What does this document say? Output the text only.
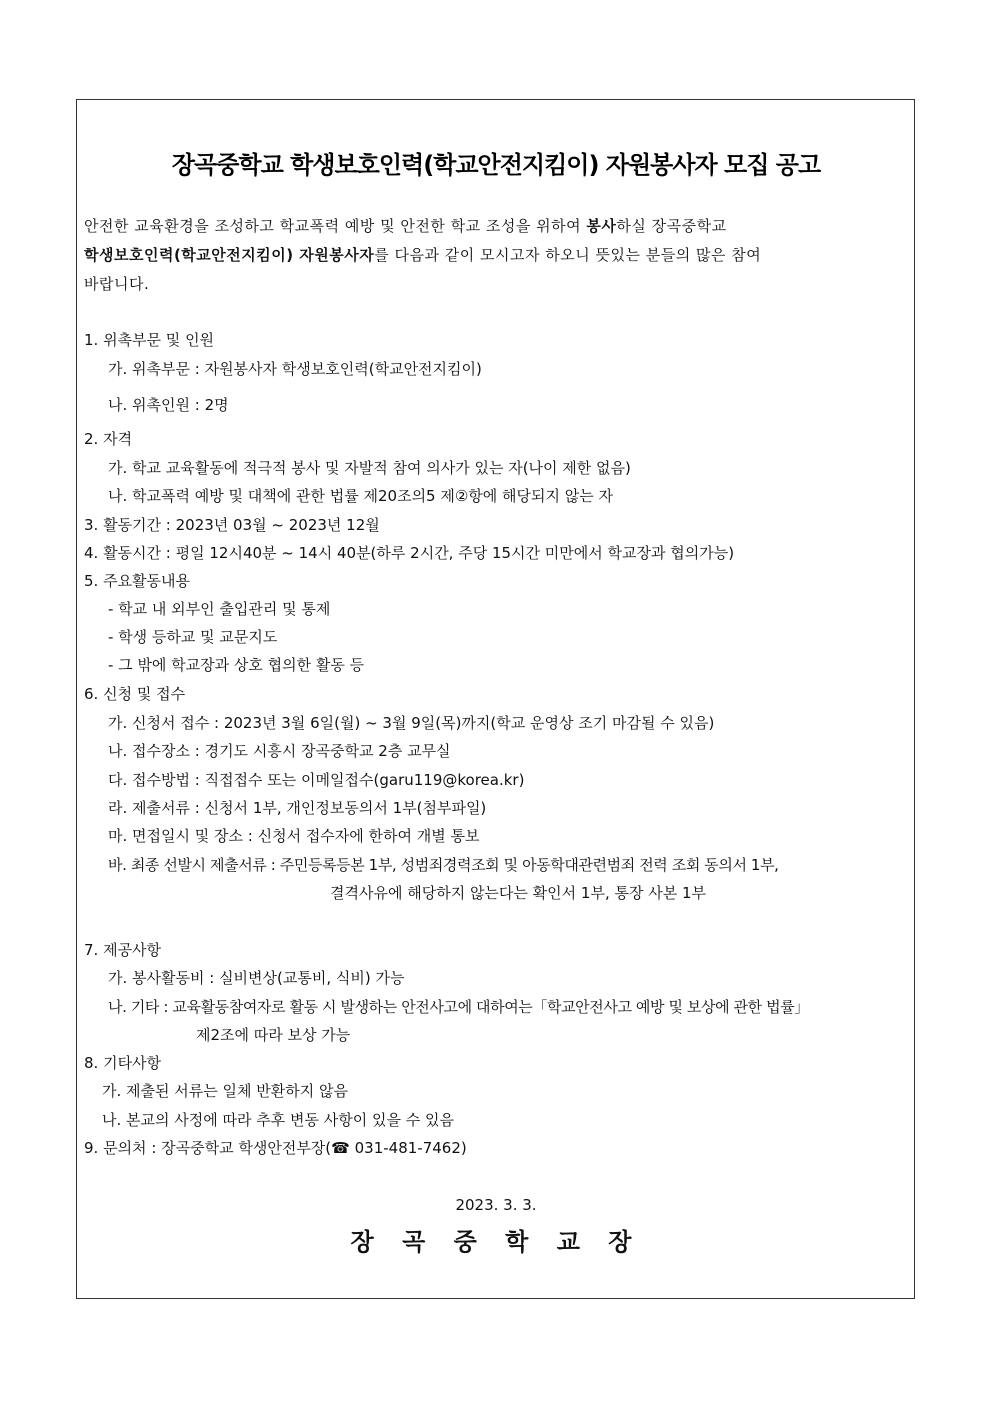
장곡중학교 학생보호인력(학교안전지킴이) 자원봉사자 모집 공고
안전한 교육환경을 조성하고 학교폭력 예방 및 안전한 학교 조성을 위하여 봉사하실 장곡중학교
학생보호인력(학교안전지킴이) 자원봉사자를 다음과 같이 모시고자 하오니 뜻있는 분들의 많은 참여
바랍니다.
1. 위촉부문 및 인원
가. 위촉부문 : 자원봉사자 학생보호인력(학교안전지킴이)
나. 위촉인원 : 2명
2. 자격
가. 학교 교육활동에 적극적 봉사 및 자발적 참여 의사가 있는 자(나이 제한 없음)
나. 학교폭력 예방 및 대책에 관한 법률 제20조의5 제②항에 해당되지 않는 자
3. 활동기간 : 2023년 03월 ~ 2023년 12월
4. 활동시간 : 평일 12시40분 ~ 14시 40분(하루 2시간, 주당 15시간 미만에서 학교장과 협의가능)
5. 주요활동내용
- 학교 내 외부인 출입관리 및 통제
- 학생 등하교 및 교문지도
- 그 밖에 학교장과 상호 협의한 활동 등
6. 신청 및 접수
가. 신청서 접수 : 2023년 3월 6일(월) ~ 3월 9일(목)까지(학교 운영상 조기 마감될 수 있음)
나. 접수장소 : 경기도 시흥시 장곡중학교 2층 교무실
다. 접수방법 : 직접접수 또는 이메일접수(garu119@korea.kr)
라. 제출서류 : 신청서 1부, 개인정보동의서 1부(첨부파일)
마. 면접일시 및 장소 : 신청서 접수자에 한하여 개별 통보
바. 최종 선발시 제출서류 : 주민등록등본 1부, 성범죄경력조회 및 아동학대관련범죄 전력 조회 동의서 1부,
결격사유에 해당하지 않는다는 확인서 1부, 통장 사본 1부
7. 제공사항
가. 봉사활동비 : 실비변상(교통비, 식비) 가능
나. 기타 : 교육활동참여자로 활동 시 발생하는 안전사고에 대하여는「학교안전사고 예방 및 보상에 관한 법률」
제2조에 따라 보상 가능
8. 기타사항
가. 제출된 서류는 일체 반환하지 않음
나. 본교의 사정에 따라 추후 변동 사항이 있을 수 있음
9. 문의처 : 장곡중학교 학생안전부장(☎ 031-481-7462)
2023. 3. 3.
장 곡 중 학 교 장
